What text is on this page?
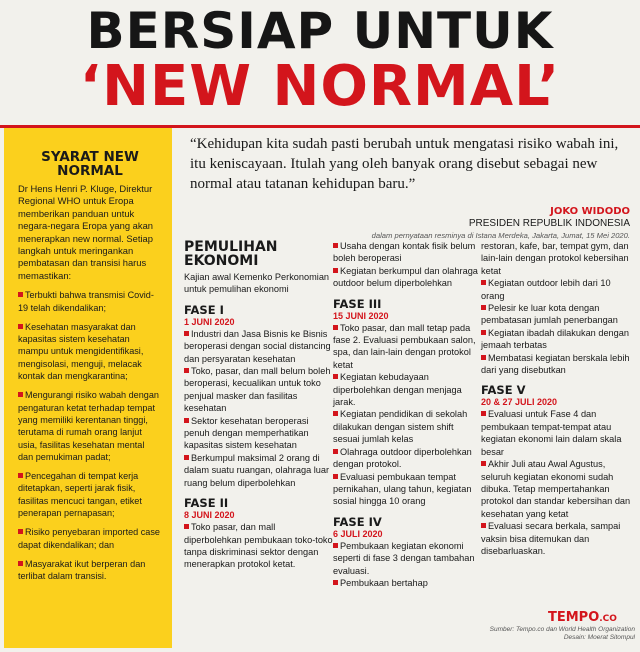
BERSIAP UNTUK
‘NEW NORMAL’
SYARAT NEW NORMAL
Dr Hens Henri P. Kluge, Direktur Regional WHO untuk Eropa memberikan panduan untuk negara-negara Eropa yang akan menerapkan new normal. Setiap langkah untuk meringankan pembatasan dan transisi harus memastikan:
Terbukti bahwa transmisi Covid-19 telah dikendalikan;
Kesehatan masyarakat dan kapasitas sistem kesehatan mampu untuk mengidentifikasi, mengisolasi, menguji, melacak kontak dan mengkarantina;
Mengurangi risiko wabah dengan pengaturan ketat terhadap tempat yang memiliki kerentanan tinggi, terutama di rumah orang lanjut usia, fasilitas kesehatan mental dan pemukiman padat;
Pencegahan di tempat kerja ditetapkan, seperti jarak fisik, fasilitas mencuci tangan, etiket penerapan pernapasan;
Risiko penyebaran imported case dapat dikendalikan; dan
Masyarakat ikut berperan dan terlibat dalam transisi.
“Kehidupan kita sudah pasti berubah untuk mengatasi risiko wabah ini, itu keniscayaan. Itulah yang oleh banyak orang disebut sebagai new normal atau tatanan kehidupan baru.”
JOKO WIDODO
PRESIDEN REPUBLIK INDONESIA
dalam pernyataan resminya di Istana Merdeka, Jakarta, Jumat, 15 Mei 2020.
PEMULIHAN EKONOMI
Kajian awal Kemenko Perkonomian untuk pemulihan ekonomi
FASE I
1 JUNI 2020
Industri dan Jasa Bisnis ke Bisnis beroperasi dengan social distancing dan persyaratan kesehatan
Toko, pasar, dan mall belum boleh beroperasi, kecualikan untuk toko penjual masker dan fasilitas kesehatan
Sektor kesehatan beroperasi penuh dengan memperhatikan kapasitas sistem kesehatan
Berkumpul maksimal 2 orang di dalam suatu ruangan, olahraga luar ruang belum diperbolehkan
FASE II
8 JUNI 2020
Toko pasar, dan mall diperbolehkan pembukaan toko-toko tanpa diskriminasi sektor dengan menerapkan protokol ketat.
Usaha dengan kontak fisik belum boleh beroperasi
Kegiatan berkumpul dan olahraga outdoor belum diperbolehkan
FASE III
15 JUNI 2020
Toko pasar, dan mall tetap pada fase 2. Evaluasi pembukaan salon, spa, dan lain-lain dengan protokol ketat
Kegiatan kebudayaan diperbolehkan dengan menjaga jarak.
Kegiatan pendidikan di sekolah dilakukan dengan sistem shift sesuai jumlah kelas
Olahraga outdoor diperbolehkan dengan protokol.
Evaluasi pembukaan tempat pernikahan, ulang tahun, kegiatan sosial hingga 10 orang
FASE IV
6 JULI 2020
Pembukaan kegiatan ekonomi seperti di fase 3 dengan tambahan evaluasi.
Pembukaan bertahap
restoran, kafe, bar, tempat gym, dan lain-lain dengan protokol kebersihan ketat
Kegiatan outdoor lebih dari 10 orang
Pelesir ke luar kota dengan pembatasan jumlah penerbangan
Kegiatan ibadah dilakukan dengan jemaah terbatas
Membatasi kegiatan berskala lebih dari yang disebutkan
FASE V
20 & 27 JULI 2020
Evaluasi untuk Fase 4 dan pembukaan tempat-tempat atau kegiatan ekonomi lain dalam skala besar
Akhir Juli atau Awal Agustus, seluruh kegiatan ekonomi sudah dibuka. Tetap mempertahankan protokol dan standar kebersihan dan kesehatan yang ketat
Evaluasi secara berkala, sampai vaksin bisa ditemukan dan disebarluaskan.
TEMPO.CO
Sumber: Tempo.co dan World Health Organization
Desain: Moerat Sitompul
